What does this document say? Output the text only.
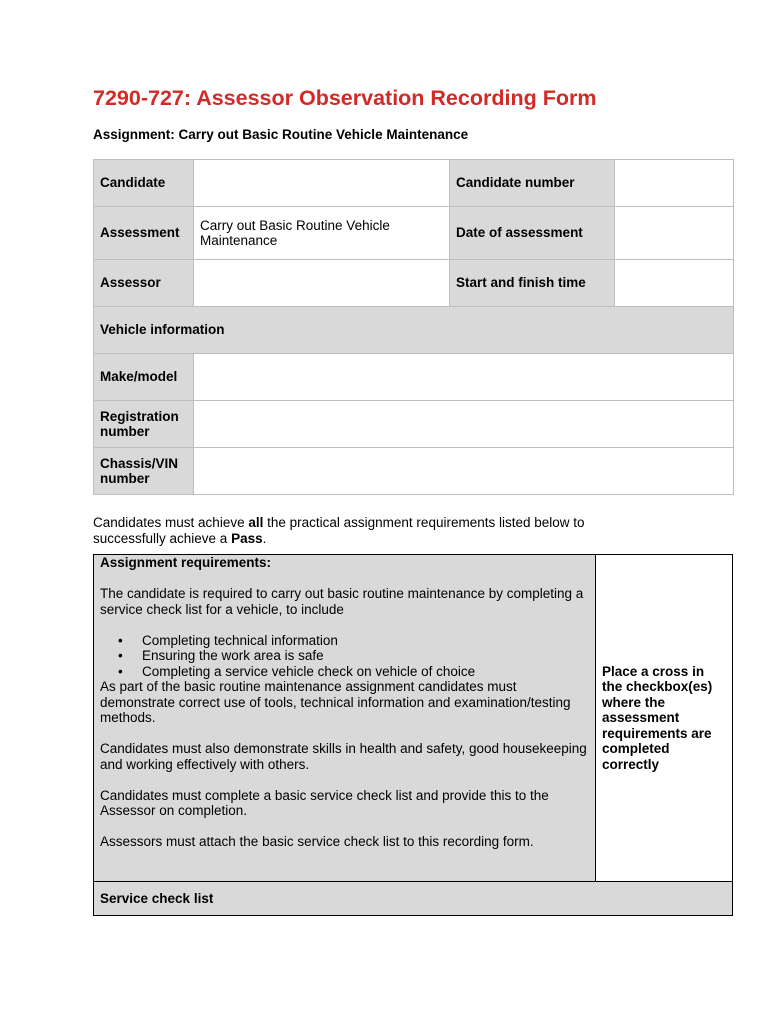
7290-727: Assessor Observation Recording Form
Assignment: Carry out Basic Routine Vehicle Maintenance
Candidate		Candidate number	
Assessment	Carry out Basic Routine Vehicle Maintenance	Date of assessment	
Assessor		Start and finish time	
Vehicle information			
Make/model			
Registration number			
Chassis/VIN number			
Candidates must achieve all the practical assignment requirements listed below to successfully achieve a Pass.

Assignment requirements:

The candidate is required to carry out basic routine maintenance by completing a service check list for a vehicle, to include

• Completing technical information
• Ensuring the work area is safe
• Completing a service vehicle check on vehicle of choice

As part of the basic routine maintenance assignment candidates must demonstrate correct use of tools, technical information and examination/testing methods.

Candidates must also demonstrate skills in health and safety, good housekeeping and working effectively with others.

Candidates must complete a basic service check list and provide this to the Assessor on completion.

Assessors must attach the basic service check list to this recording form.

Place a cross in the checkbox(es) where the assessment requirements are completed correctly
Service check list
